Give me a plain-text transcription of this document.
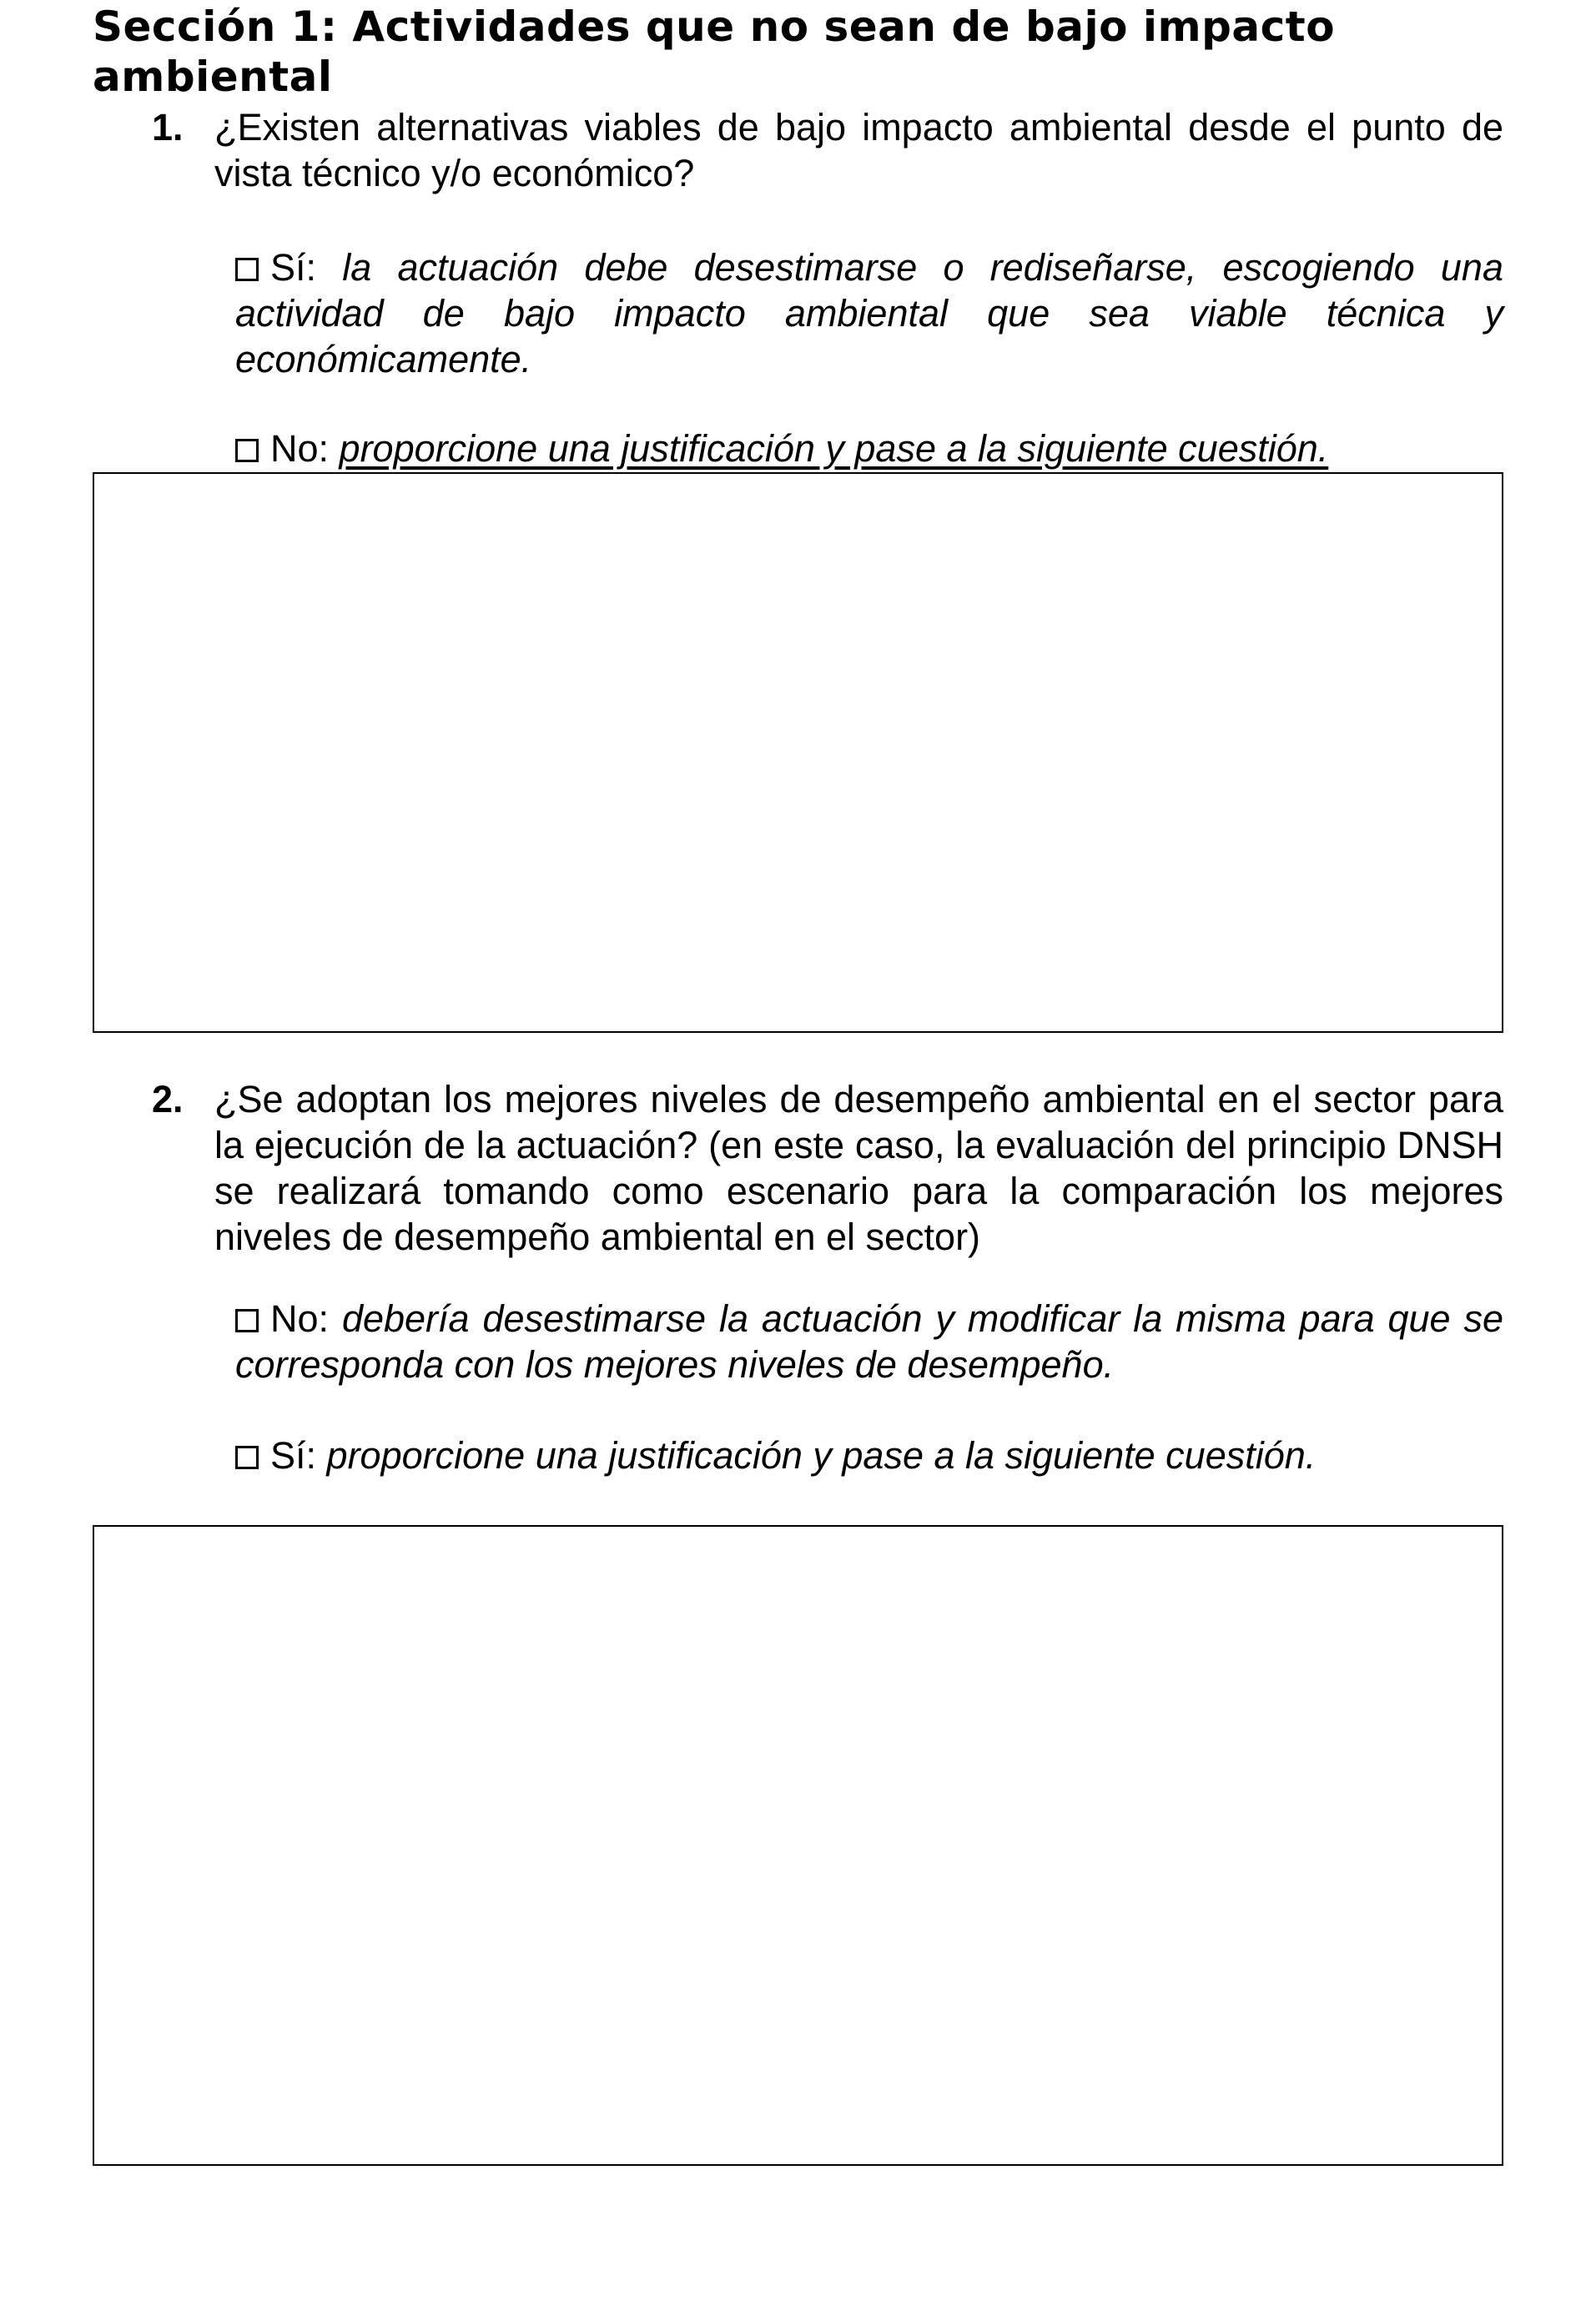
Sección 1: Actividades que no sean de bajo impacto ambiental
1. ¿Existen alternativas viables de bajo impacto ambiental desde el punto de vista técnico y/o económico?
Sí: la actuación debe desestimarse o rediseñarse, escogiendo una actividad de bajo impacto ambiental que sea viable técnica y económicamente.
No: proporcione una justificación y pase a la siguiente cuestión.
2. ¿Se adoptan los mejores niveles de desempeño ambiental en el sector para la ejecución de la actuación? (en este caso, la evaluación del principio DNSH se realizará tomando como escenario para la comparación los mejores niveles de desempeño ambiental en el sector)
No: debería desestimarse la actuación y modificar la misma para que se corresponda con los mejores niveles de desempeño.
Sí: proporcione una justificación y pase a la siguiente cuestión.
